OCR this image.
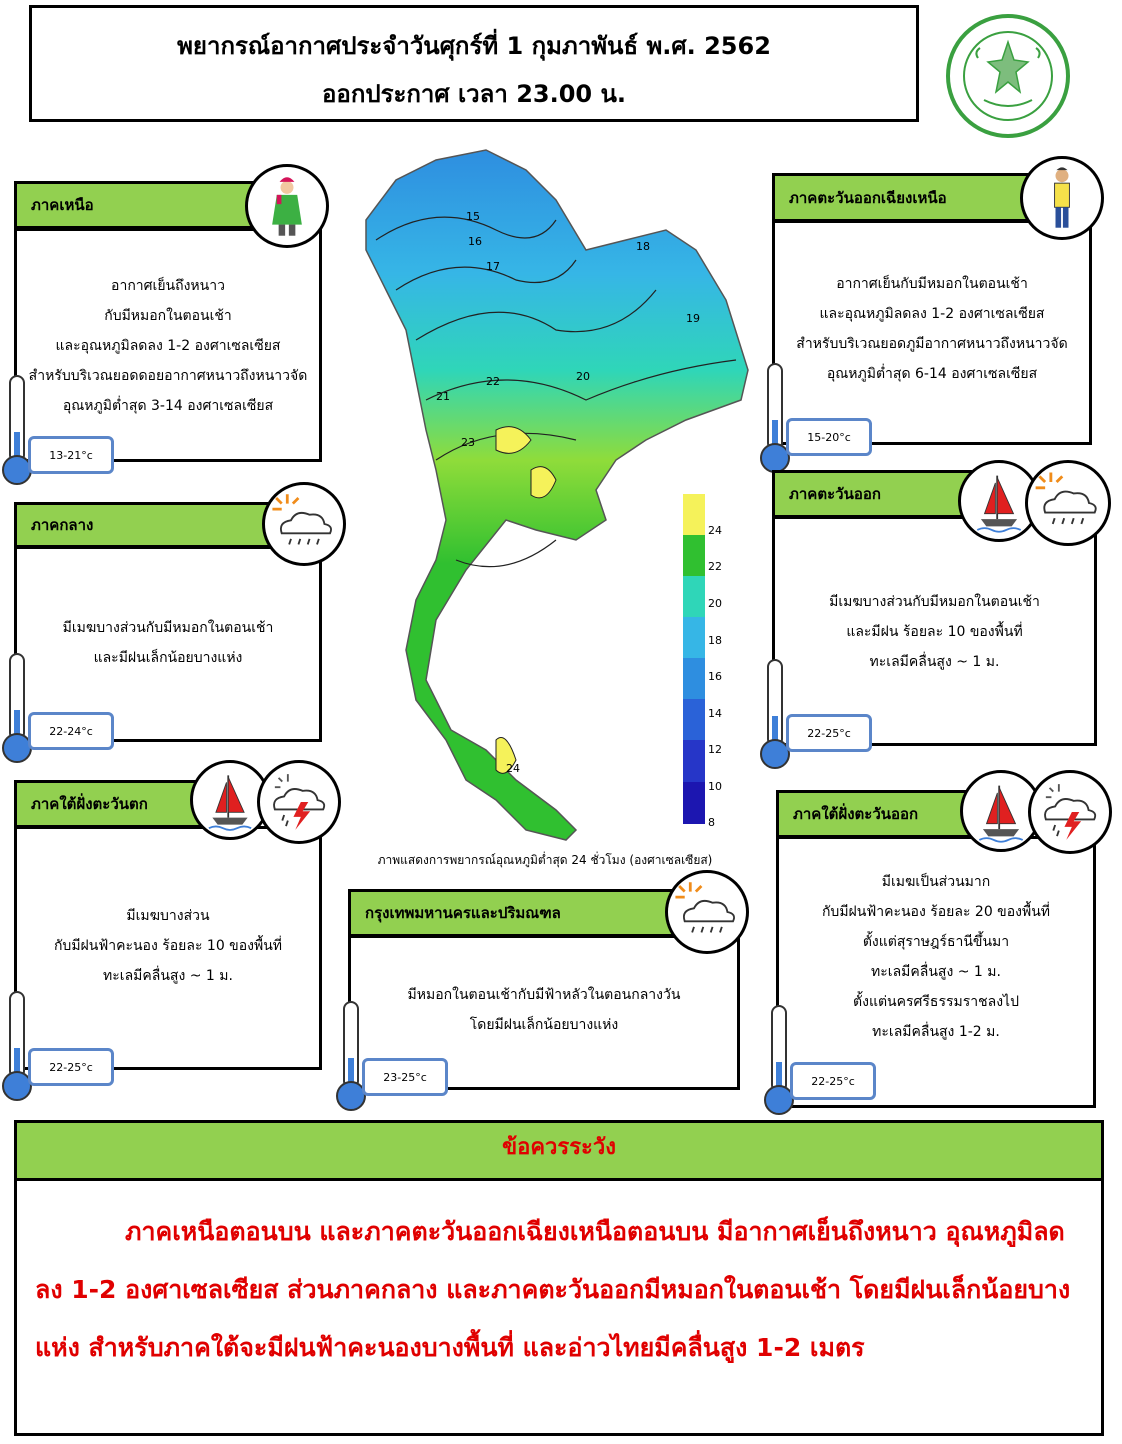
พยากรณ์อากาศประจำวันศุกร์ที่ 1 กุมภาพันธ์ พ.ศ. 2562
ออกประกาศ เวลา 23.00 น.
อากาศเย็นถึงหนาว
กับมีหมอกในตอนเช้า
และอุณหภูมิลดลง 1-2 องศาเซลเซียส
สำหรับบริเวณยอดดอยอากาศหนาวถึงหนาวจัด
อุณหภูมิต่ำสุด 3-14 องศาเซลเซียส
ภาคเหนือ
13-21°c
มีเมฆบางส่วนกับมีหมอกในตอนเช้า
และมีฝนเล็กน้อยบางแห่ง
ภาคกลาง
22-24°c
มีเมฆบางส่วน
กับมีฝนฟ้าคะนอง ร้อยละ 10 ของพื้นที่
ทะเลมีคลื่นสูง ~ 1 ม.
ภาคใต้ฝั่งตะวันตก
22-25°c
15
16
17
18
19
20
21
22
23
24
24
22
20
18
16
14
12
10
8
ภาพแสดงการพยากรณ์อุณหภูมิต่ำสุด 24 ชั่วโมง (องศาเซลเซียส)
มีหมอกในตอนเช้ากับมีฟ้าหลัวในตอนกลางวัน
โดยมีฝนเล็กน้อยบางแห่ง
กรุงเทพมหานครและปริมณฑล
23-25°c
อากาศเย็นกับมีหมอกในตอนเช้า
และอุณหภูมิลดลง 1-2 องศาเซลเซียส
สำหรับบริเวณยอดภูมีอากาศหนาวถึงหนาวจัด
อุณหภูมิต่ำสุด 6-14 องศาเซลเซียส
ภาคตะวันออกเฉียงเหนือ
15-20°c
มีเมฆบางส่วนกับมีหมอกในตอนเช้า
และมีฝน ร้อยละ 10 ของพื้นที่
ทะเลมีคลื่นสูง ~ 1 ม.
ภาคตะวันออก
22-25°c
มีเมฆเป็นส่วนมาก
กับมีฝนฟ้าคะนอง ร้อยละ 20 ของพื้นที่
ตั้งแต่สุราษฎร์ธานีขึ้นมา
ทะเลมีคลื่นสูง ~ 1 ม.
ตั้งแต่นครศรีธรรมราชลงไป
ทะเลมีคลื่นสูง 1-2 ม.
ภาคใต้ฝั่งตะวันออก
22-25°c
ข้อควรระวัง
ภาคเหนือตอนบน และภาคตะวันออกเฉียงเหนือตอนบน มีอากาศเย็นถึงหนาว อุณหภูมิลดลง 1-2 องศาเซลเซียส ส่วนภาคกลาง และภาคตะวันออกมีหมอกในตอนเช้า โดยมีฝนเล็กน้อยบางแห่ง สำหรับภาคใต้จะมีฝนฟ้าคะนองบางพื้นที่ และอ่าวไทยมีคลื่นสูง 1-2 เมตร
